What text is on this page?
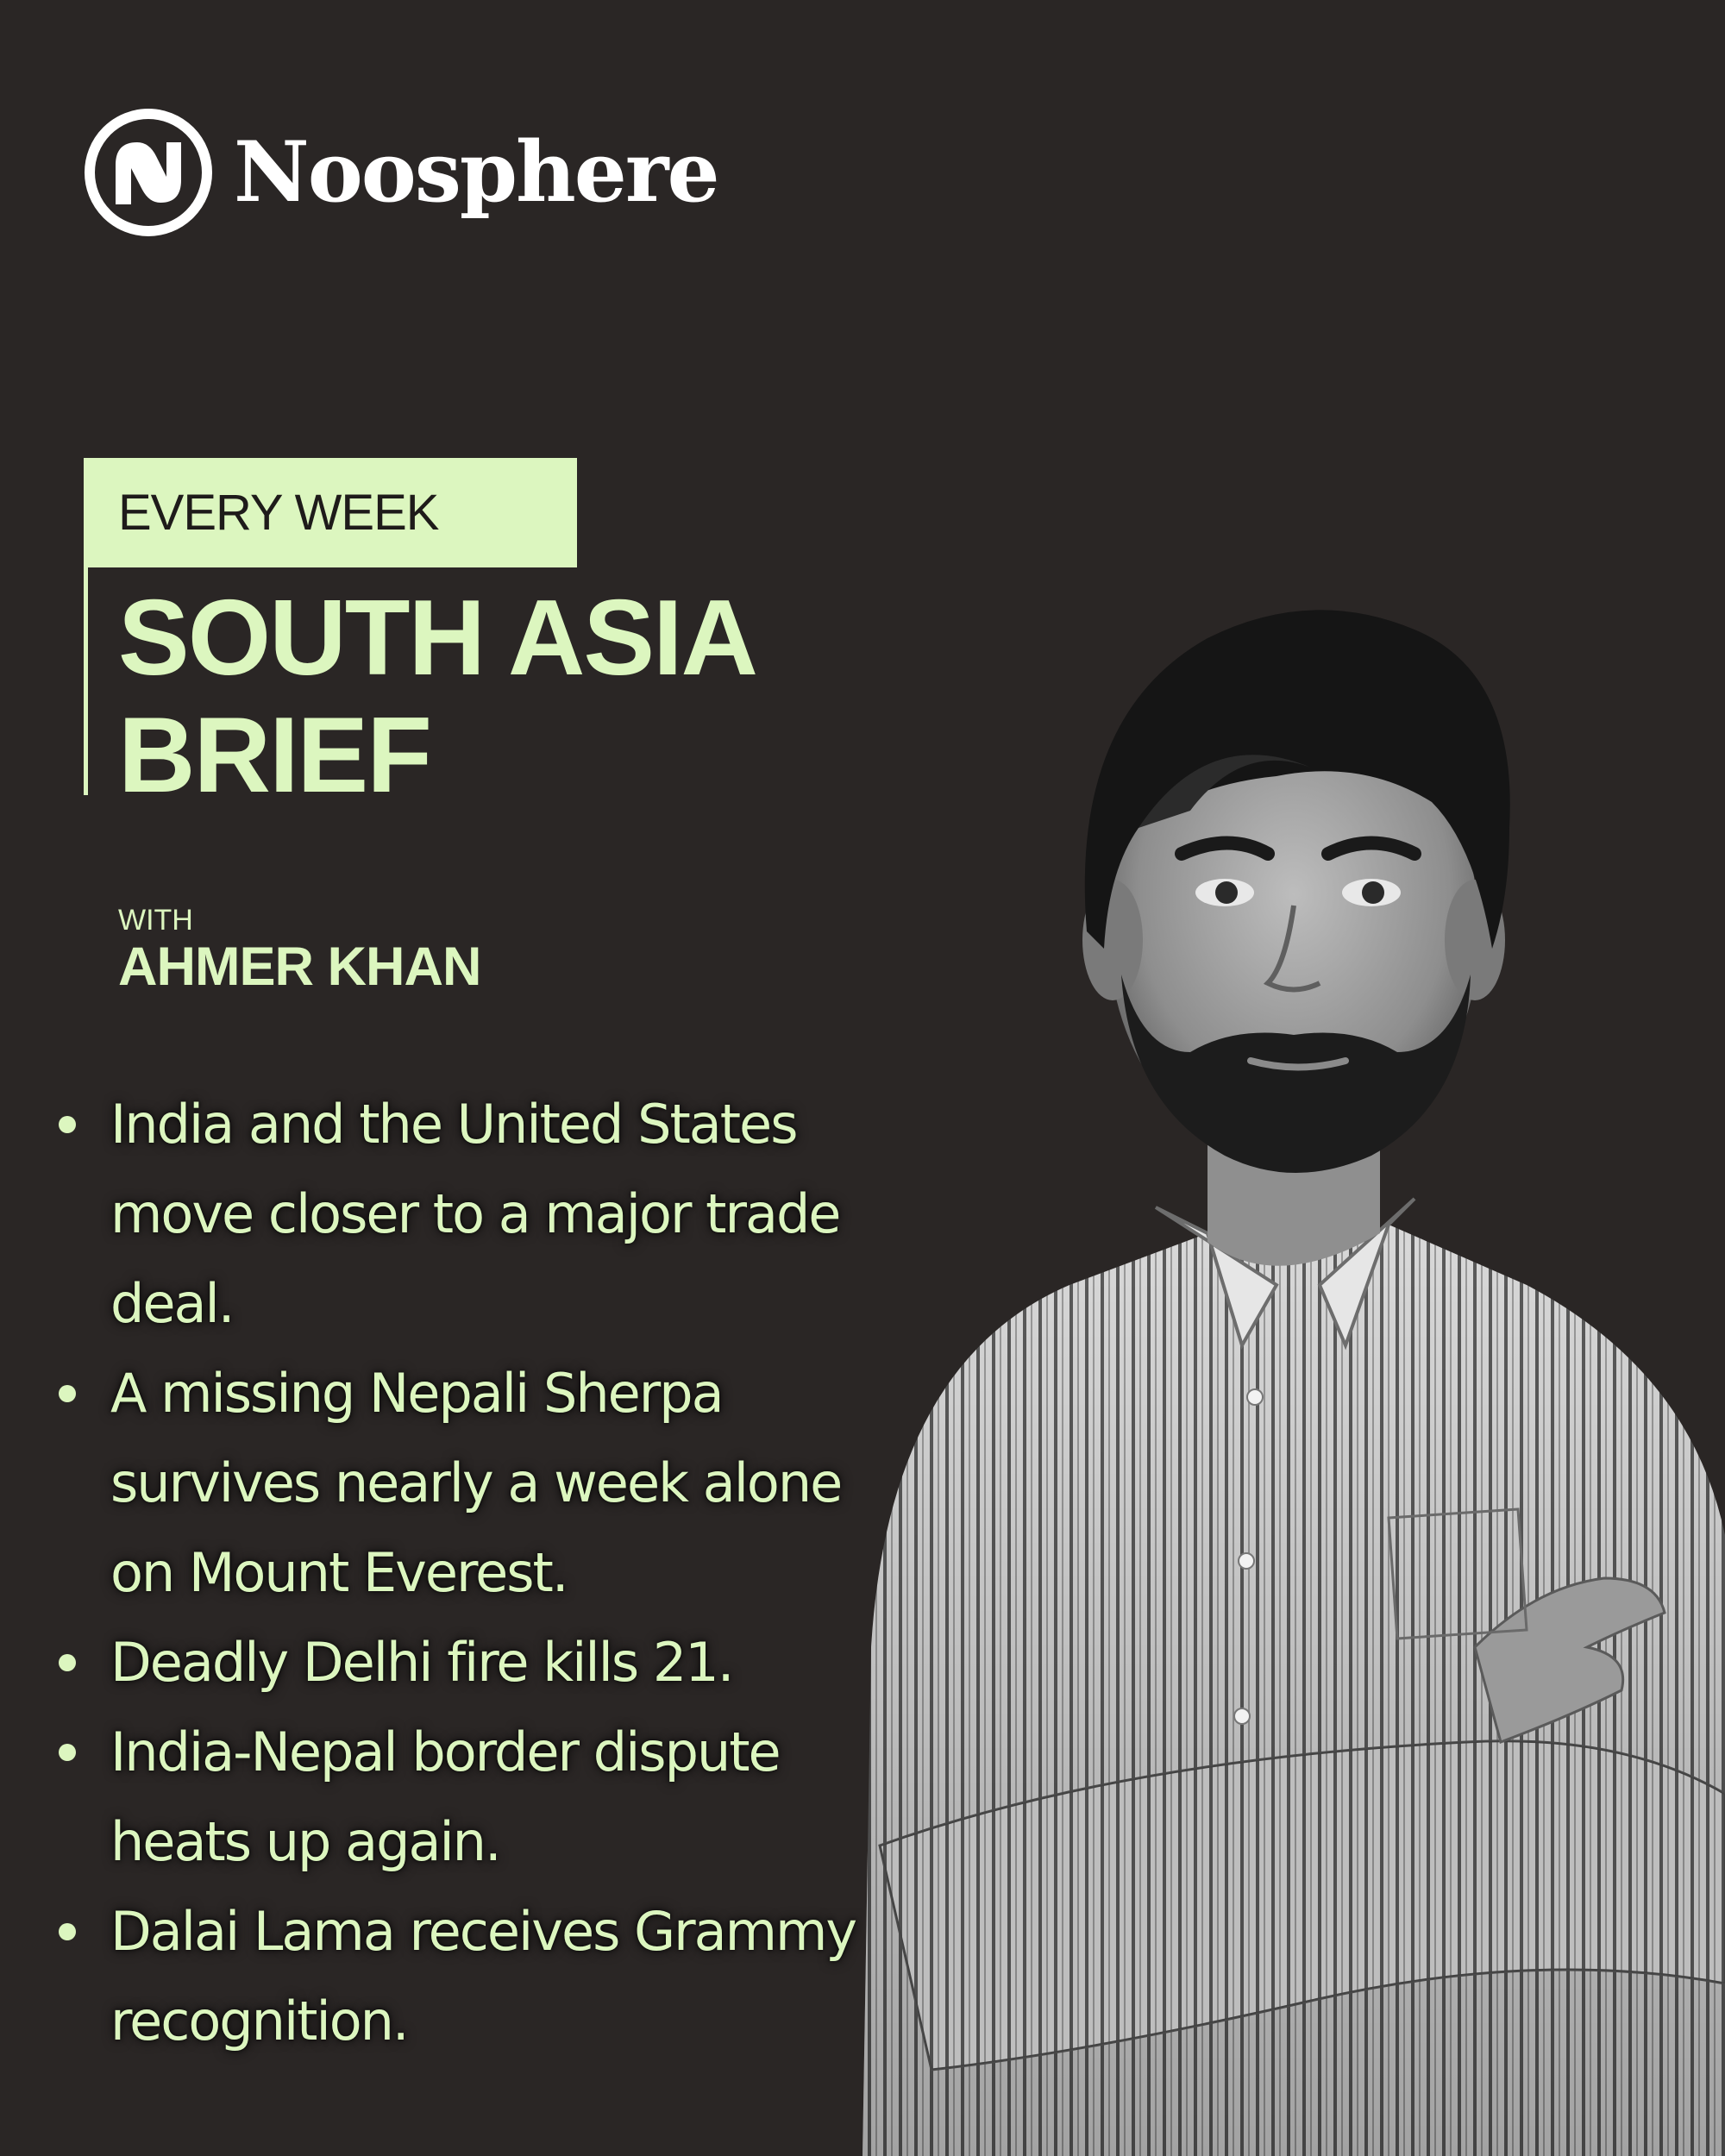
Noosphere
EVERY WEEK
SOUTH ASIA
BRIEF
WITH
AHMER KHAN
India and the United States move closer to a major trade deal.
A missing Nepali Sherpa survives nearly a week alone on Mount Everest.
Deadly Delhi fire kills 21.
India-Nepal border dispute heats up again.
Dalai Lama receives Grammy recognition.
